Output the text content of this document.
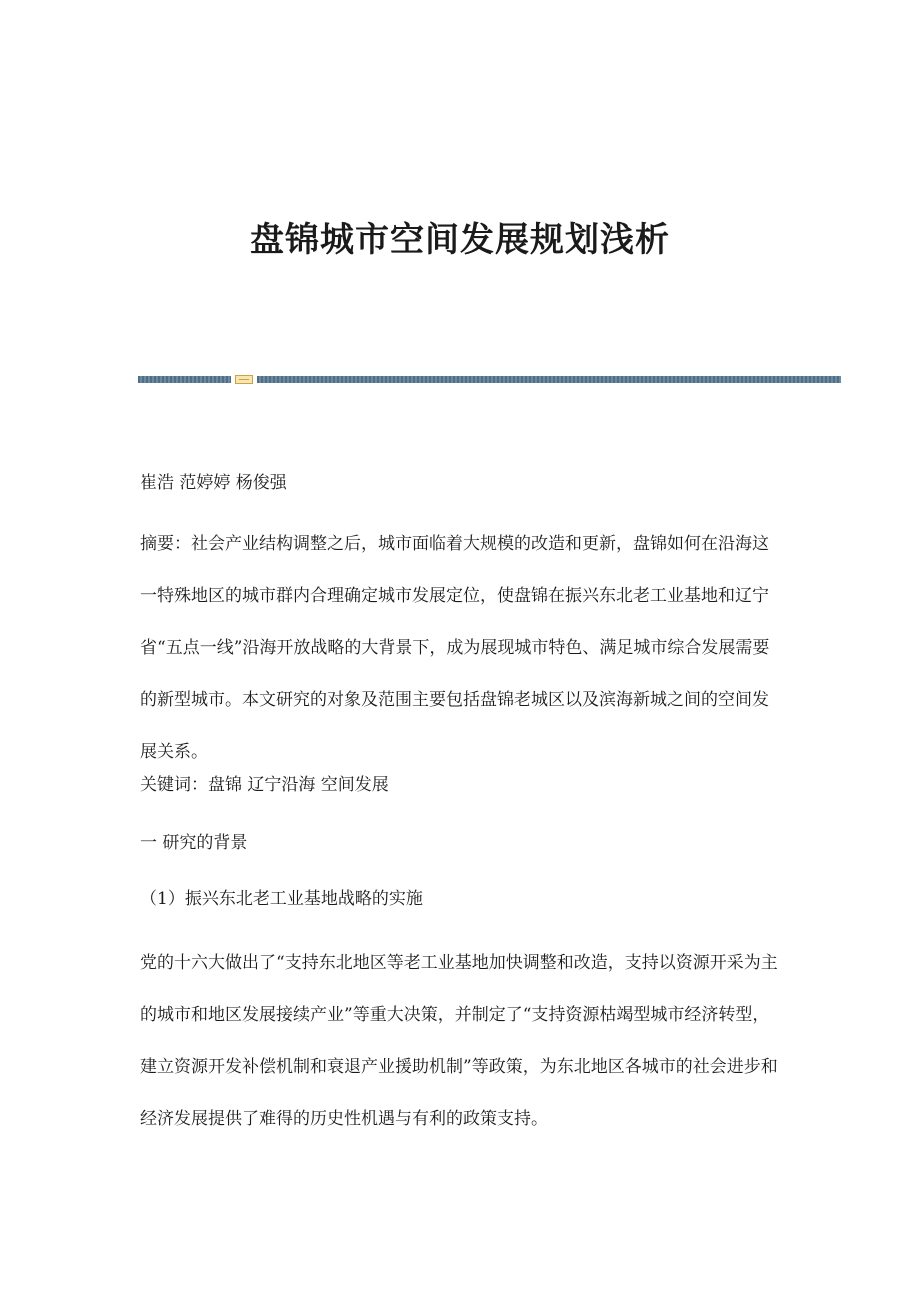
盘锦城市空间发展规划浅析

崔浩 范婷婷 杨俊强

摘要：社会产业结构调整之后，城市面临着大规模的改造和更新，盘锦如何在沿海这一特殊地区的城市群内合理确定城市发展定位，使盘锦在振兴东北老工业基地和辽宁省“五点一线”沿海开放战略的大背景下，成为展现城市特色、满足城市综合发展需要的新型城市。本文研究的对象及范围主要包括盘锦老城区以及滨海新城之间的空间发展关系。

关键词：盘锦 辽宁沿海 空间发展

一 研究的背景

（1）振兴东北老工业基地战略的实施

党的十六大做出了“支持东北地区等老工业基地加快调整和改造，支持以资源开采为主的城市和地区发展接续产业”等重大决策，并制定了“支持资源枯竭型城市经济转型，建立资源开发补偿机制和衰退产业援助机制”等政策，为东北地区各城市的社会进步和经济发展提供了难得的历史性机遇与有利的政策支持。
